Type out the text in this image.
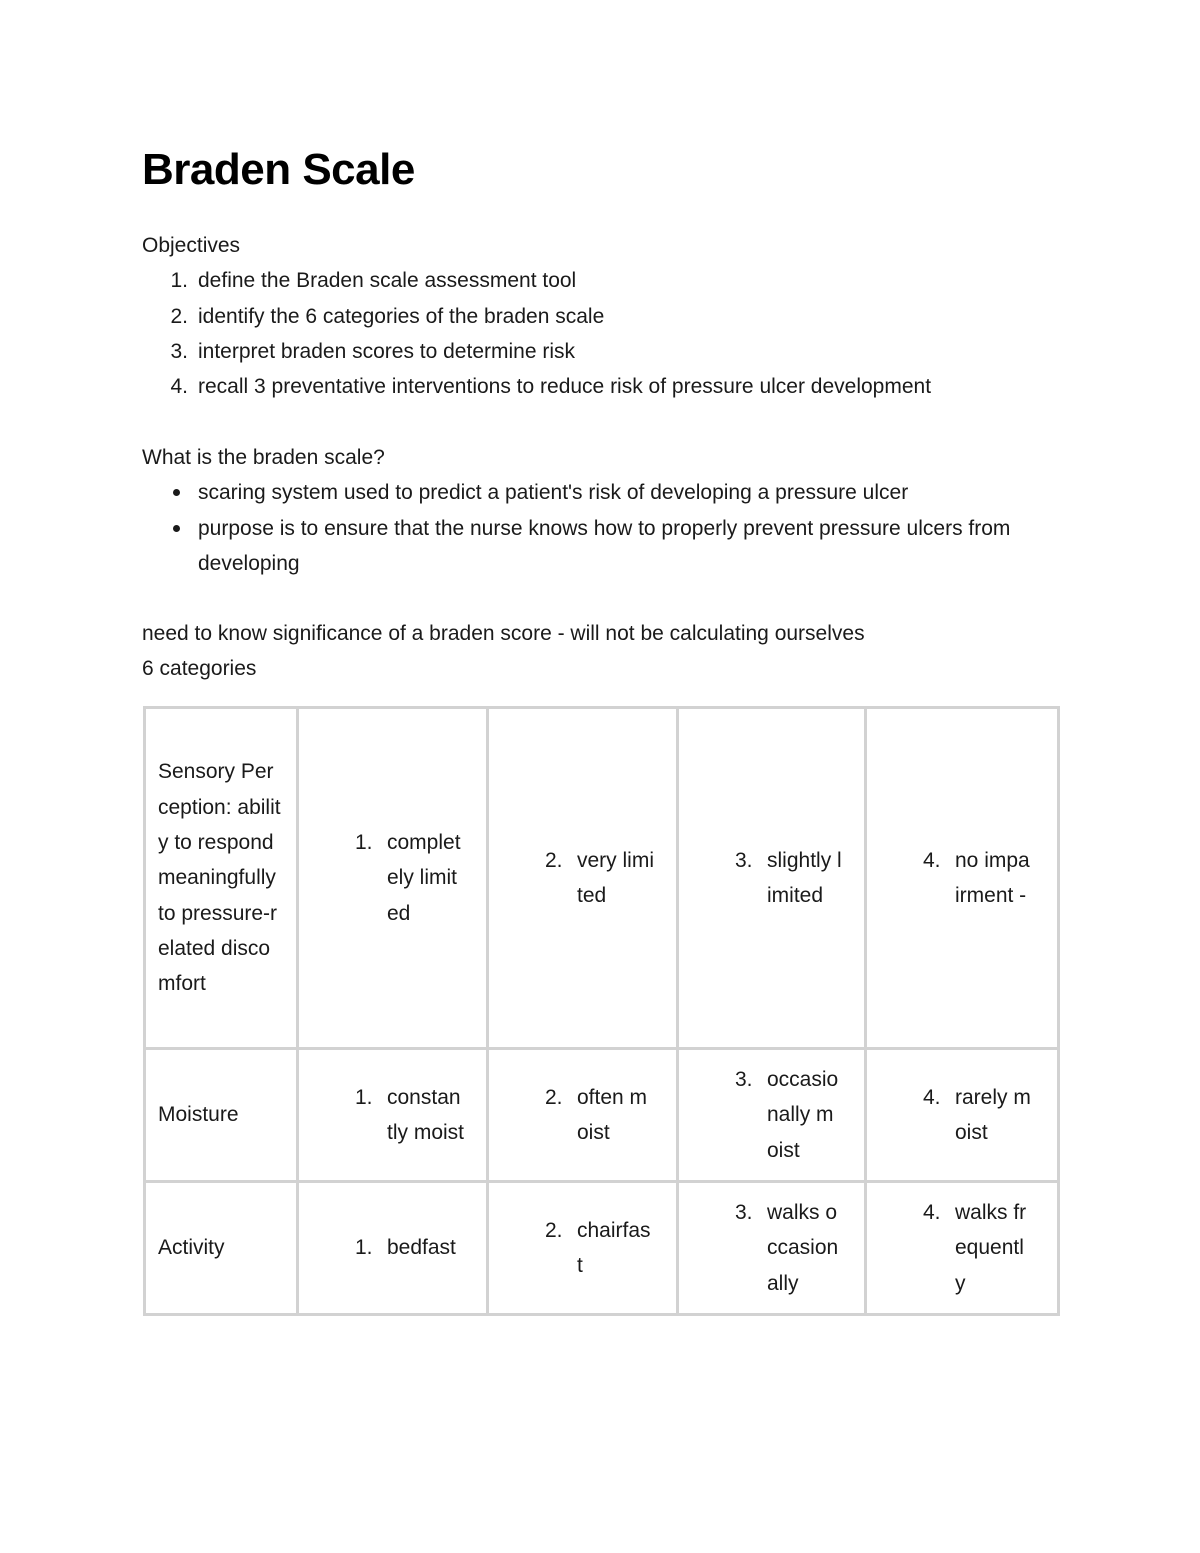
Braden Scale

Objectives

1. define the Braden scale assessment tool
2. identify the 6 categories of the braden scale
3. interpret braden scores to determine risk
4. recall 3 preventative interventions to reduce risk of pressure ulcer development

What is the braden scale?

scaring system used to predict a patient's risk of developing a pressure ulcer
purpose is to ensure that the nurse knows how to properly prevent pressure ulcers from developing

need to know significance of a braden score - will not be calculating ourselves

6 categories

Sensory Perception: ability to respond meaningfully to pressure-related discomfort	1. completely limited	2. very limited	3. slightly limited	4. no impairment -

Moisture	1. constantly moist	2. often moist	3. occasionally moist	4. rarely moist

Activity	1. bedfast	2. chairfast	3. walks occasionally	4. walks frequently
